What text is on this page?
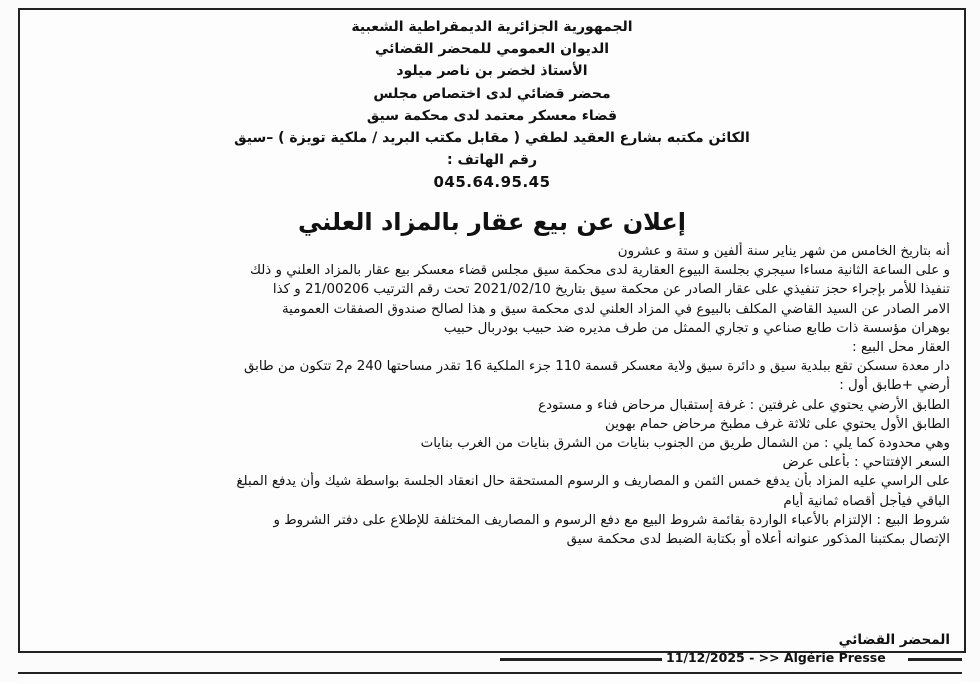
الجمهورية الجزائرية الديمقراطية الشعبية
الديوان العمومي للمحضر القضائي
الأستاذ لخضر بن ناصر ميلود
محضر قضائي لدى اختصاص مجلس
قضاء معسكر معتمد لدى محكمة سيق
الكائن مكتبه بشارع العقيد لطفي ( مقابل مكتب البريد / ملكية تويزة ) –سيق
رقم الهاتف :
045.64.95.45
إعلان عن بيع عقار بالمزاد العلني
أنه بتاريخ الخامس من شهر يناير سنة ألفين و ستة و عشرون
و على الساعة الثانية مساءا سيجري بجلسة البيوع العقارية لدى محكمة سيق مجلس قضاء معسكر بيع عقار بالمزاد العلني و ذلك
تنفيذا للأمر بإجراء حجز تنفيذي على عقار الصادر عن محكمة سيق بتاريخ 2021/02/10 تحت رقم الترتيب 21/00206 و كذا
الامر الصادر عن السيد القاضي المكلف بالبيوع في المزاد العلني لدى محكمة سيق و هذا لصالح صندوق الصفقات العمومية
بوهران مؤسسة ذات طابع صناعي و تجاري الممثل من طرف مديره ضد حبيب بودربال حبيب
العقار محل البيع :
دار معدة سسكن تقع ببلدية سيق و دائرة سيق ولاية معسكر قسمة 110 جزء الملكية 16 تقدر مساحتها 240 م2 تتكون من طابق
أرضي +طابق أول :
الطابق الأرضي يحتوي على غرفتين : غرفة إستقبال مرحاض فناء و مستودع
الطابق الأول يحتوي على ثلاثة غرف مطبخ مرحاض حمام بهوين
وهي محدودة كما يلي : من الشمال طريق من الجنوب بنايات من الشرق بنايات من الغرب بنايات
السعر الإفتتاحي : بأعلى عرض
على الراسي عليه المزاد بأن يدفع خمس الثمن و المصاريف و الرسوم المستحقة حال انعقاد الجلسة بواسطة شيك وأن يدفع المبلغ
الباقي فيأجل أقصاه ثمانية أيام
شروط البيع : الإلتزام بالأعباء الواردة بقائمة شروط البيع مع دفع الرسوم و المصاريف المختلفة للإطلاع على دفتر الشروط و
الإتصال بمكتبنا المذكور عنوانه أعلاه أو بكتابة الضبط لدى محكمة سيق
المحضر القضائي
11/12/2025 - >> Algérie Presse
